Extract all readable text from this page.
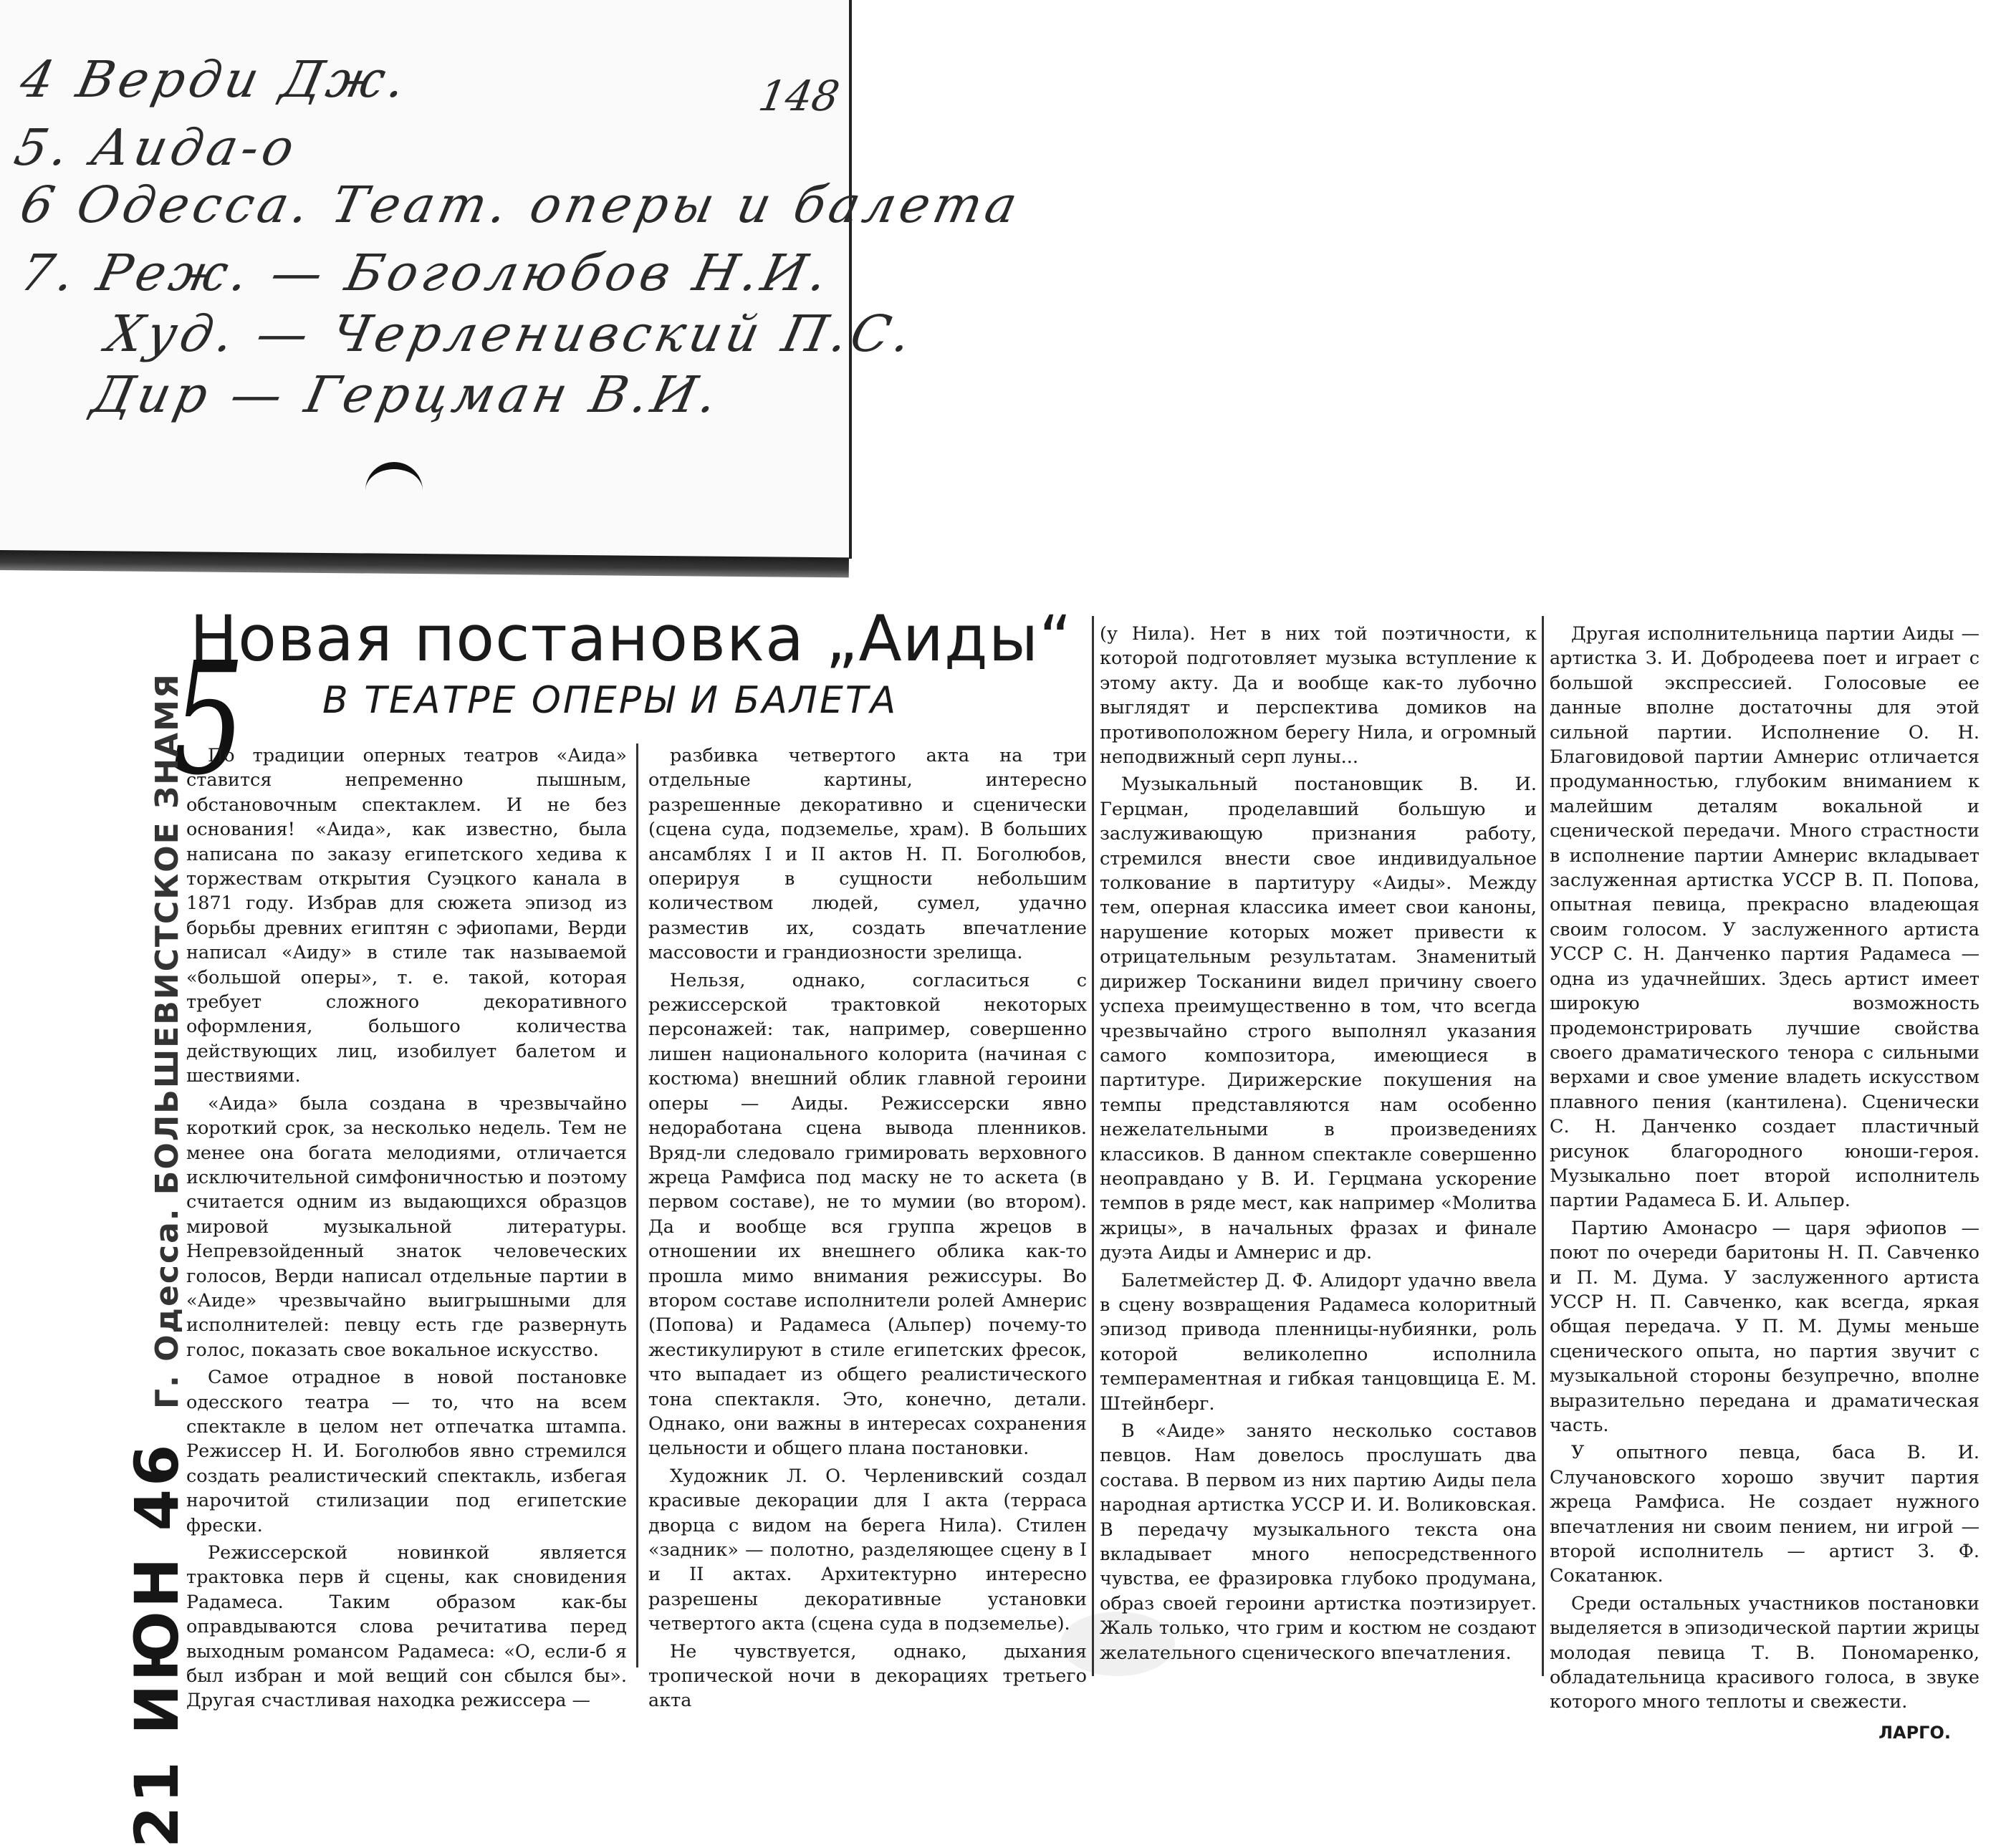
4 Верди Дж.
5. Аида-о
6 Одесса. Теат. оперы и балета
7. Реж. — Боголюбов Н.И.
Худ. — Черленивский П.С.
Дир — Герцман В.И.
148
Новая постановка „Аиды“
В ТЕАТРЕ ОПЕРЫ И БАЛЕТА
5
21 ИЮН 46 Г. Одесса. БОЛЬШЕВИСТСКОЕ ЗНАМЯ	По традиции оперных театров «Аида» ставится непременно пышным, обстановочным спектаклем. И не без основания! «Аида», как известно, была написана по заказу египетского хедива к торжествам открытия Суэцкого канала в 1871 году. Избрав для сюжета эпизод из борьбы древних египтян с эфиопами, Верди написал «Аиду» в стиле так называемой «большой оперы», т. е. такой, которая требует сложного декоративного оформления, большого количества действующих лиц, изобилует балетом и шествиями.

«Аида» была создана в чрезвычайно короткий срок, за несколько недель. Тем не менее она богата мелодиями, отличается исключительной симфоничностью и поэтому считается одним из выдающихся образцов мировой музыкальной литературы. Непревзойденный знаток человеческих голосов, Верди написал отдельные партии в «Аиде» чрезвычайно выигрышными для исполнителей: певцу есть где развернуть голос, показать свое вокальное искусство.

Самое отрадное в новой постановке одесского театра — то, что на всем спектакле в целом нет отпечатка штампа. Режиссер Н. И. Боголюбов явно стремился создать реалистический спектакль, избегая нарочитой стилизации под египетские фрески.

Режиссерской новинкой является трактовка перв й сцены, как сновидения Радамеса. Таким образом как-бы оправдываются слова речитатива перед выходным романсом Радамеса: «О, если-б я был избран и мой вещий сон сбылся бы». Другая счастливая находка режиссера —

разбивка четвертого акта на три отдельные картины, интересно разрешенные декоративно и сценически (сцена суда, подземелье, храм). В больших ансамблях I и II актов Н. П. Боголюбов, оперируя в сущности небольшим количеством людей, сумел, удачно разместив их, создать впечатление массовости и грандиозности зрелища.

Нельзя, однако, согласиться с режиссерской трактовкой некоторых персонажей: так, например, совершенно лишен национального колорита (начиная с костюма) внешний облик главной героини оперы — Аиды. Режиссерски явно недоработана сцена вывода пленников. Вряд-ли следовало гримировать верховного жреца Рамфиса под маску не то аскета (в первом составе), не то мумии (во втором). Да и вообще вся группа жрецов в отношении их внешнего облика как-то прошла мимо внимания режиссуры. Во втором составе исполнители ролей Амнерис (Попова) и Радамеса (Альпер) почему-то жестикулируют в стиле египетских фресок, что выпадает из общего реалистического тона спектакля. Это, конечно, детали. Однако, они важны в интересах сохранения цельности и общего плана постановки.

Художник Л. О. Черленивский создал красивые декорации для I акта (терраса дворца с видом на берега Нила). Стилен «задник» — полотно, разделяющее сцену в I и II актах. Архитектурно интересно разрешены декоративные установки четвертого акта (сцена суда в подземелье).

Не чувствуется, однако, дыхания тропической ночи в декорациях третьего акта

(у Нила). Нет в них той поэтичности, к которой подготовляет музыка вступление к этому акту. Да и вообще как-то лубочно выглядят и перспектива домиков на противоположном берегу Нила, и огромный неподвижный серп луны...

Музыкальный постановщик В. И. Герцман, проделавший большую и заслуживающую признания работу, стремился внести свое индивидуальное толкование в партитуру «Аиды». Между тем, оперная классика имеет свои каноны, нарушение которых может привести к отрицательным результатам. Знаменитый дирижер Тосканини видел причину своего успеха преимущественно в том, что всегда чрезвычайно строго выполнял указания самого композитора, имеющиеся в партитуре. Дирижерские покушения на темпы представляются нам особенно нежелательными в произведениях классиков. В данном спектакле совершенно неоправдано у В. И. Герцмана ускорение темпов в ряде мест, как например «Молитва жрицы», в начальных фразах и финале дуэта Аиды и Амнерис и др.

Балетмейстер Д. Ф. Алидорт удачно ввела в сцену возвращения Радамеса колоритный эпизод привода пленницы-нубиянки, роль которой великолепно исполнила темпераментная и гибкая танцовщица Е. М. Штейнберг.

В «Аиде» занято несколько составов певцов. Нам довелось прослушать два состава. В первом из них партию Аиды пела народная артистка УССР И. И. Воликовская. В передачу музыкального текста она вкладывает много непосредственного чувства, ее фразировка глубоко продумана, образ своей героини артистка поэтизирует. Жаль только, что грим и костюм не создают желательного сценического впечатления.

Другая исполнительница партии Аиды — артистка З. И. Добродеева поет и играет с большой экспрессией. Голосовые ее данные вполне достаточны для этой сильной партии. Исполнение О. Н. Благовидовой партии Амнерис отличается продуманностью, глубоким вниманием к малейшим деталям вокальной и сценической передачи. Много страстности в исполнение партии Амнерис вкладывает заслуженная артистка УССР В. П. Попова, опытная певица, прекрасно владеющая своим голосом. У заслуженного артиста УССР С. Н. Данченко партия Радамеса — одна из удачнейших. Здесь артист имеет широкую возможность продемонстрировать лучшие свойства своего драматического тенора с сильными верхами и свое умение владеть искусством плавного пения (кантилена). Сценически С. Н. Данченко создает пластичный рисунок благородного юноши-героя. Музыкально поет второй исполнитель партии Радамеса Б. И. Альпер.

Партию Амонасро — царя эфиопов — поют по очереди баритоны Н. П. Савченко и П. М. Дума. У заслуженного артиста УССР Н. П. Савченко, как всегда, яркая общая передача. У П. М. Думы меньше сценического опыта, но партия звучит с музыкальной стороны безупречно, вполне выразительно передана и драматическая часть.

У опытного певца, баса В. И. Случановского хорошо звучит партия жреца Рамфиса. Не создает нужного впечатления ни своим пением, ни игрой — второй исполнитель — артист З. Ф. Сокатанюк.

Среди остальных участников постановки выделяется в эпизодической партии жрицы молодая певица Т. В. Пономаренко, обладательница красивого голоса, в звуке которого много теплоты и свежести.

ЛАРГО.
